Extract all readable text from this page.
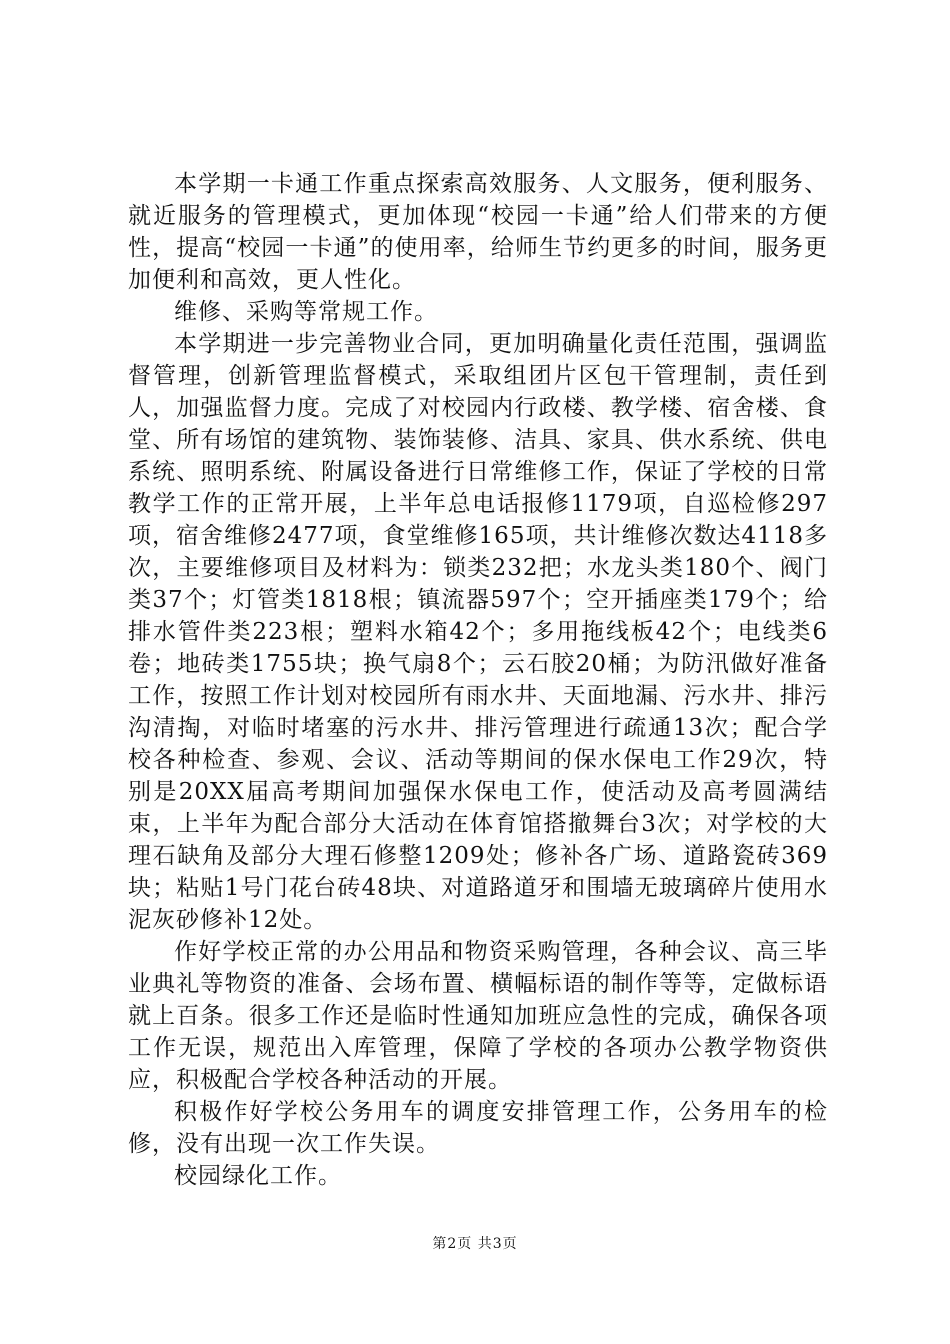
本学期一卡通工作重点探索高效服务、人文服务，便利服务、就近服务的管理模式，更加体现“校园一卡通”给人们带来的方便性，提高“校园一卡通”的使用率，给师生节约更多的时间，服务更加便利和高效，更人性化。

维修、采购等常规工作。

本学期进一步完善物业合同，更加明确量化责任范围，强调监督管理，创新管理监督模式，采取组团片区包干管理制，责任到人，加强监督力度。完成了对校园内行政楼、教学楼、宿舍楼、食堂、所有场馆的建筑物、装饰装修、洁具、家具、供水系统、供电系统、照明系统、附属设备进行日常维修工作，保证了学校的日常教学工作的正常开展，上半年总电话报修1179项，自巡检修297项，宿舍维修2477项，食堂维修165项，共计维修次数达4118多次，主要维修项目及材料为：锁类232把；水龙头类180个、阀门类37个；灯管类1818根；镇流器597个；空开插座类179个；给排水管件类223根；塑料水箱42个；多用拖线板42个；电线类6卷；地砖类1755块；换气扇8个；云石胶20桶；为防汛做好准备工作，按照工作计划对校园所有雨水井、天面地漏、污水井、排污沟清掏，对临时堵塞的污水井、排污管理进行疏通13次；配合学校各种检查、参观、会议、活动等期间的保水保电工作29次，特别是20XX届高考期间加强保水保电工作，使活动及高考圆满结束，上半年为配合部分大活动在体育馆搭撤舞台3次；对学校的大理石缺角及部分大理石修整1209处；修补各广场、道路瓷砖369块；粘贴1号门花台砖48块、对道路道牙和围墙无玻璃碎片使用水泥灰砂修补12处。

作好学校正常的办公用品和物资采购管理，各种会议、高三毕业典礼等物资的准备、会场布置、横幅标语的制作等等，定做标语就上百条。很多工作还是临时性通知加班应急性的完成，确保各项工作无误，规范出入库管理，保障了学校的各项办公教学物资供应，积极配合学校各种活动的开展。

积极作好学校公务用车的调度安排管理工作，公务用车的检修，没有出现一次工作失误。

校园绿化工作。

第2页 共3页
